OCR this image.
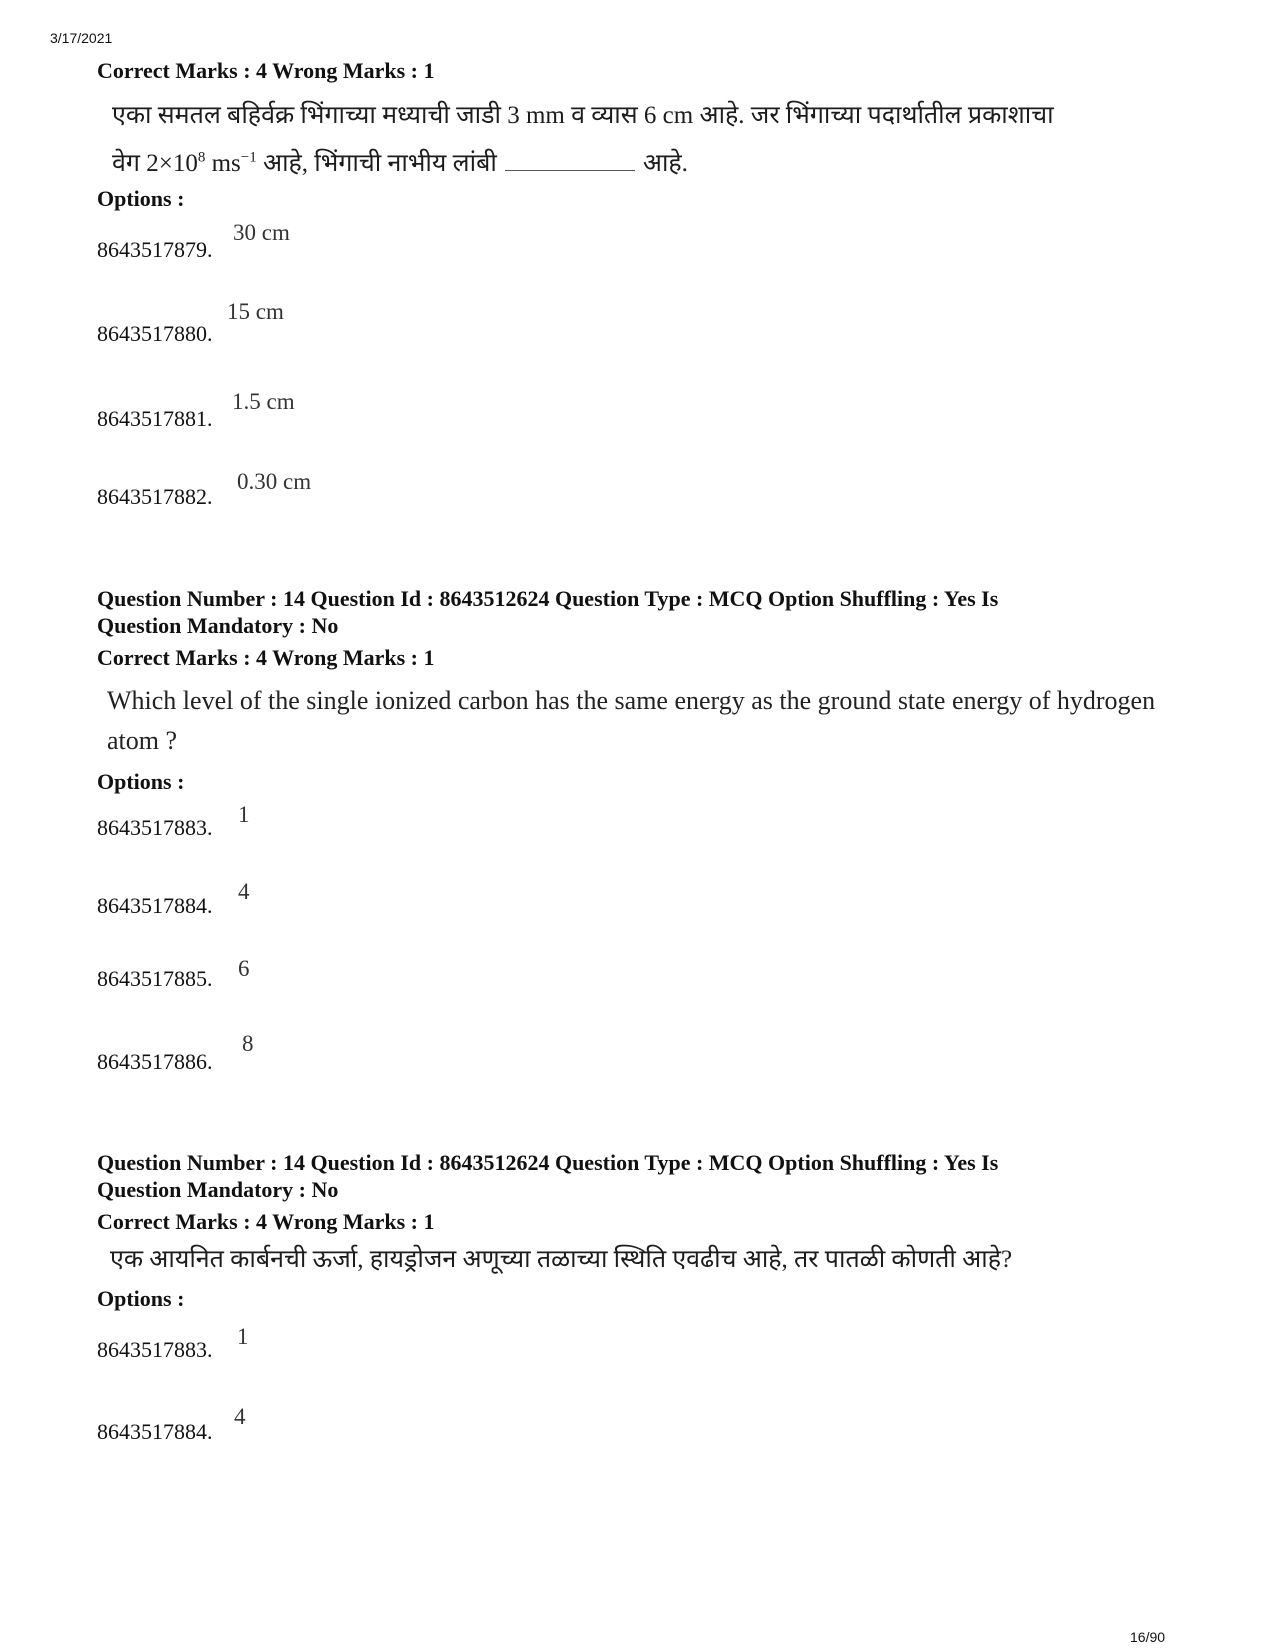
3/17/2021
16/90
Correct Marks : 4 Wrong Marks : 1
एका समतल बहिर्वक्र भिंगाच्या मध्याची जाडी 3 mm व व्यास 6 cm आहे. जर भिंगाच्या पदार्थातील प्रकाशाचा
वेग $2\times 10^8$ $ms^{-1}$ आहे, भिंगाची नाभीय लांबी	आहे.
Options :
8643517879.
30 cm
8643517880.
15 cm
8643517881.
1.5 cm
8643517882.
0.30 cm
Question Number : 14 Question Id : 8643512624 Question Type : MCQ Option Shuffling : Yes Is
Question Mandatory : No
Correct Marks : 4 Wrong Marks : 1
Which level of the single ionized carbon has the same energy as the ground state energy of hydrogen atom ?
Options :
8643517883.
1
8643517884.
4
8643517885. 6
8643517886.
8
Question Number : 14 Question Id : 8643512624 Question Type : MCQ Option Shuffling : Yes Is
Question Mandatory : No
Correct Marks : 4 Wrong Marks : 1
एक आयनित कार्बनची ऊर्जा, हायड्रोजन अणूच्या तळाच्या स्थिति एवढीच आहे, तर पातळी कोणती आहे?
Options :
8643517883.
1
8643517884.
4
